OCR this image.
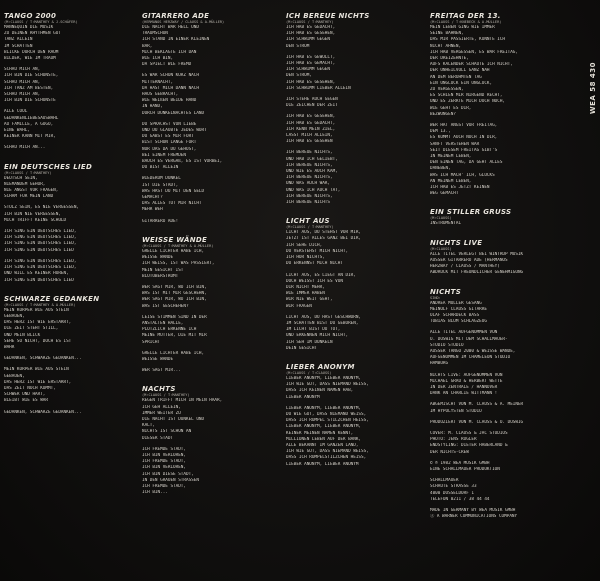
TANGO 2000
(M:CLAUSS / T:MANTHEY & J.SCHÄFER)
MANNEQUIN DIE MUSIK
ZU DEINEN RHYTHMEN GUT
TANZ ALLEIN
IM SCHATTEN
BLICKE DURCH DEN RAUM
BILDER, WIE IM TRAUM
SCHAU MICH AN,
ICH BIN DIE SCHÖNSTE,
SCHAU MICH AN,
ICH TANZ AM BESTEN,
SCHAU MICH AN,
ICH BIN DIE SCHÖNSTE
ALLE COOL
GEDANKENLIEBESAUSWAHL
AU FAMILLE, A GOGO,
EINE WAHL,
KEINER KANN MIT MIR,
SCHAU MICH AN...
EIN DEUTSCHES LIED
(M:CLAUSS / T:MANTHEY)
DEUTSCH SEIN,
NIEMANDEM GEHÖR,
NIE ANGST VOR FRAGEN,
SCHAM FÜR MEIN LAND
STOLZ SEIN, ES NIE VERGESSEN,
ICH BIN NIE VERGESSEN,
MICH TRIFFT KEINE SCHULD
ICH SING EIN DEUTSCHES LIED,
ICH SING EIN DEUTSCHES LIED,
ICH SING EIN DEUTSCHES LIED,
ICH SING EIN DEUTSCHES LIED
ICH SING EIN DEUTSCHES LIED,
ICH SING EIN DEUTSCHES LIED,
UND WILL ES KEINER HÖREN,
ICH SING EIN DEUTSCHES LIED
SCHWARZE GEDANKEN
(M:CLAUSS / T:MANTHEY & A.MÜLLER)
MEIN KÖRPER WIE AUS STEIN
GEBAUEN,
DAS HERZ IST WIE ERSTARRT,
DIE ZEIT STEHT STILL,
UND MEIN BLICK
SEHE SO NICHT, DOCH ES IST
WAHR
GEDANKEN, SCHWARZE GEDANKEN...
MEIN KÖRPER WIE AUS STEIN
GEBAUEN,
DAS HERZ IST WIE ERSTARRT,
DAS ZEIT NOCH KOMMT,
SCHWER UND HART,
BLEIBT WIE ES WAR
GEDANKEN, SCHWARZE GEDANKEN...
GITARRERO ADE
(HERMANOS HERZWAY / CLAUSS & A.MÜLLER)
DIE NACHT WAR HELL UND
TRAUMSCHÖN
ICH STAND IN EINER KLEINEN
BAR,
MICH BEKLAGTE ICH DAN
WIE ICH BIN,
DA SPIELT WIE FREMD
ES WAR SCHON KURZ NACH
MITTERNACHT,
DA HAST MICH DANN NACH
HAUS GEBRACHT,
WIE WEIßEN BEIDE HAND
IN HAND,
DURCH DUNKELNACHTES LAND
DU SPRACHST VON LIEBE
UND DU GLAUBTE JEDES WORT
DU GABST ES MIR FORT
BIST SCHON LANGE FORT
NUR DAS DA DU GEHOST,
BEI EINEM FREMDEN
BAUCH ES VERGAß, ES IST VORBEI,
DU BIST ALLEIN
WIEDERUM DUNKEL
IST DIE STADT,
WAS HAST DU MIT DEN GELD
GEMACHT?
DAS ALLES TUT MIR NICHT
MEHR WEH
GITARRERO ADE!
WEISSE WÄNDE
(M:CLAUSS / T:MANTHEY & A.MÜLLER)
GRELLE LICHTER HABE ICH,
WEISSE WÄNDE
ICH WEISS, IST WAS PASSIERT,
MEIN GESICHT IST
BLUTÜBERSTRÖMT
WER SAGT MIR, WO ICH BIN,
WAS IST MIT MIR GESCHEHN,
WER SAGT MIR, WO ICH BIN,
WAS IST GESCHEHEN?
LEISE STIMMEN SIND IN DER
ANSTALTEN HALLE,
PLÖTZLICH ERKENNE ICH
MEINE MUTTER, DIE MIT MIR
SPRICHT
GRELLE LICHTER HABE ICH,
WEISSE WÄNDE
WER SAGT MIR...
NACHTS
(M:CLAUSS / T:MANTHEY)
REGEN TRIFFT MICH IN MEIN HAAR,
ICH GEH ALLEIN,
IMMER WEITER ZU
DIE NACHT IST DUNKEL UND
KALT,
NICHTS IST SCHÖN AN
DIESER STADT
ICH FREMDE STADT,
ICH BIN VERLOREN,
ICH FREMDE STADT,
ICH BIN VERLOREN,
ICH BIN DIESE STADT,
IN DEN GRAUEN STRASSEN
ICH FREMDE STADT,
ICH BIN...
ICH BEREUE NICHTS
(M:CLAUSS / T:MANTHEY)
ICH HAB ES GEDACHT,
ICH HAB ES GESEHEN,
ICH SCHWIMM GEGEN
DEN STROM
ICH HAB ES GEWOLLT,
ICH HAB ES GEMACHT,
ICH SCHWIMM GEGEN
DEN STROM,
ICH HAB ES GESEHEN,
ICH SCHWIMM LIEBER ALLEIN
ICH STEHE AUCH GEGEN
DIE ZEICHEN DER ZEIT
ICH HAB ES GESEHEN,
ICH HAB ES GEDACHT,
ICH KENN MEIN ZIEL,
LASST MICH ALLEIN,
ICH HAB ES GESEHEN
ICH BEREUE NICHTS,
UND HAB ICH GELIEBT,
ICH BEREUE NICHTS,
UND WIE ES AUCH KAM,
ICH BEREUE NICHTS,
UND WAS AUCH WAR,
UND WAS ICH AUCH TAT,
ICH BEREUE NICHTS,
ICH BEREUE NICHTS
LICHT AUS
(M:CLAUSS / T:MANTHEY)
LICHT AUS, DU STEHST VOR MIR,
JETZT IST ALLES GANZ BEI DIR,
ICH SEHE DICH,
DU VERSTEHST MICH NICHT,
ICH HÖR NICHTS,
DU ERKENNST MICH NICHT
LICHT AUS, ES LIEGT AN DIR,
DOCH WEISST ICH ES VON
DIR NICHT MEHR,
WIE IMMER HABEN
WIR NIE WEIT GEHT,
WIR FRAGEN
LICHT AUS, DU HAST GESCHWORN,
IM SCHATTEN BIST DU GEBOREN,
IM LICHT BIST DU TOT,
UND ERKENNEN MICH NICHT,
ICH SEH IM DUNKELN
DEIN GESICHT
LIEBER ANONYM
(M:CLAUSS / T:CLAUSS)
LIEBER ANONYM, LIEBER ANONYM,
ICH WIE GUT, DASS NIEMAND WEISS,
DASS ICH KEINEN NAMEN HAB,
LIEBER ANONYM
LIEBER ANONYM, LIEBER ANONYM,
DU WIE GUT, DASS NIEMAND WEISS,
DASS ICH RUMPEL STILZCHEN HEISS,
LIEBER ANONYM, LIEBER ANONYM,
KEINER MEINEN NAMEN KENNT,
MILLIONEN LEBEN AUF DER BANK,
ALLE BEKANNT IM GANZEN LAND,
ICH WIE GUT, DASS NIEMAND WEISS,
DASS ICH RUMPELSTILZCHEN HEISS,
LIEBER ANONYM, LIEBER ANONYM
FREITAG DER 13.
(M:CLAUSS / T:KNEBECK & A.MÜLLER)
MEIN LEBEN GING WIE IMMER
SEINE BAHNEN,
DAS MIR PASSIERTE, KONNTE ICH
NICHT AHNEN,
ICH HAB VERGESSEN, ES WAR FREITAG,
DER DREIZEHNTE,
AUFS KALENDER SCHAUTE ICH NICHT,
DER UNHEILVOLL GANZ NAH
AN DEM BERÜHMTEN TAG
EIN UNGLÜCK EIN UNGLÜCK,
ZU VERGESSEN,
ES SCHIEN MIR NIRGEND RECHT,
UND ES ZERRTE MICH DOCH NOCH,
WIE GEHT ES DIR,
BEZWUNGEN?
WER HAT ANGST VOR FREITAG,
DEM 13.,
ES KOMMT AUCH NOCH IN DIR,
SANFT VERSTEHEN WAR
SEIT DIESEM FREITAG GIBT'S
IN MEINEM LEBEN,
DEN EINEN TAG, DA GEHT ALLES
DANEBEN,
WAS ICH MACH' ICH, GLÜCKS
AN MEINEM LEBEN,
ICH HAB ES JETZT KEINEN
WEG GEMACHT
EIN STILLER GRUSS
(M:CLAUSS)
INSTRUMENTAL
NICHTS LIVE
(M:CLAUSS)
ALLE TITEL VERLEGT BEI WINTRUP MUSIK
AUSSER GITARRERO ADE (HERMANOS
HERZWAY / CLAUSS / MANTHEY)
ABDRUCK MIT FREUNDLICHER GENEHMIGUNG
NICHTS
SIND:
ANDREA MÜLLER GESANG
MEINOLF CLAUSS GITARRE
OLAF SCHARDECK BASS
TOBIAS BLUM SCHLAGZEUG
ALLE TITEL AUFGENOMMEN VON
O. DOSWIG MIT DEM SCHALLMAUER-
STUDIO STUDIO
AUSSER TANGO 2000 & WEISSE WÄNDE,
AUFGENOMMEN IM CHAMELEON STUDIO
HAMBURG
NICHTS LIVE: AUFGENOMMEN VON
MICHAEL GRAU & HERBERT WETTE
IN DER ZENTRALE / HANNOVER
DANK AN CHARLIE WITTMANN !
ABGEMISCHT VON M. CLAUSS & A. MEINER
IM HYPOLYSTEN STUDIO
PRODUZIERT VON M. CLAUSS & O. DOSWIG
COVER: M. CLAUSS & JAC STUDIOS
PHOTO: JENS RÜGLER
ENDSTYLING: DIETER HABERLAND &
DER NICHTS-CREW
© ℗ 1982 WEA MUSIK GMBH
EINE SCHALLMAUER PRODUKTION
SCHALLMAUER
SCHAUTE STRASSE 33
4000 DÜSSELDORF 1
TELEFON 0211 / 38 44 44
MADE IN GERMANY BY WEA MUSIK GMBH
Ⓐ A WARNER COMMUNICATIONS COMPANY
WEA 58 430
